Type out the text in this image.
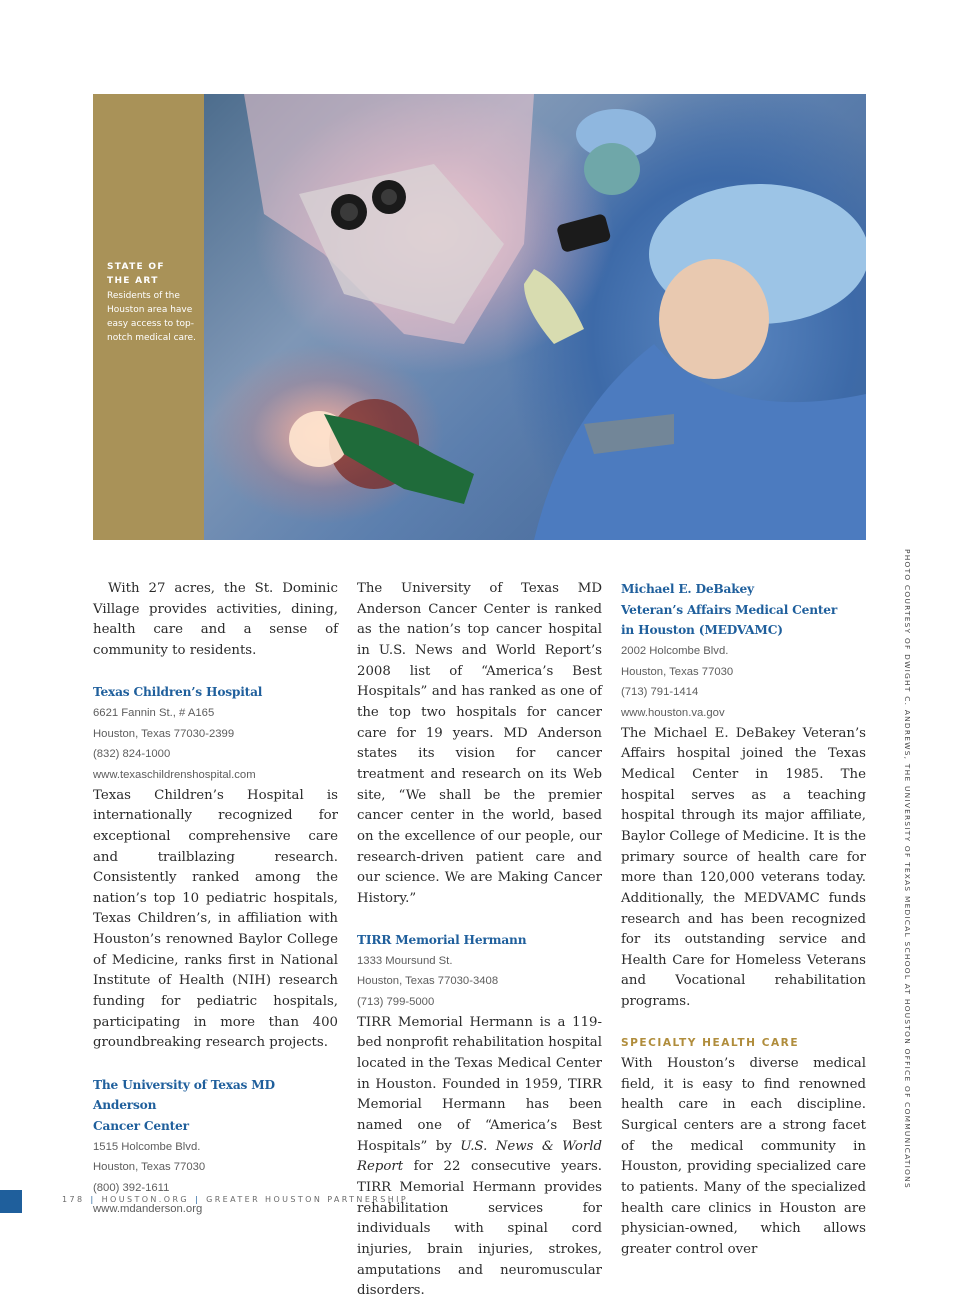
STATE OF
THE ART
Residents of the Houston area have easy access to top-notch medical care.

With 27 acres, the St. Dominic Village provides activities, dining, health care and a sense of community to residents.

Texas Children’s Hospital
6621 Fannin St., # A165
Houston, Texas 77030-2399
(832) 824-1000
www.texaschildrenshospital.com

Texas Children’s Hospital is internationally recognized for exceptional comprehensive care and trailblazing research. Consistently ranked among the nation’s top 10 pediatric hospitals, Texas Children’s, in affiliation with Houston’s renowned Baylor College of Medicine, ranks first in National Institute of Health (NIH) research funding for pediatric hospitals, participating in more than 400 groundbreaking research projects.

The University of Texas MD Anderson
Cancer Center
1515 Holcombe Blvd.
Houston, Texas 77030
(800) 392-1611
www.mdanderson.org

The University of Texas MD Anderson Cancer Center is ranked as the nation’s top cancer hospital in U.S. News and World Report’s 2008 list of “America’s Best Hospitals” and has ranked as one of the top two hospitals for cancer care for 19 years. MD Anderson states its vision for cancer treatment and research on its Web site, “We shall be the premier cancer center in the world, based on the excellence of our people, our research-driven patient care and our science. We are Making Cancer History.”

TIRR Memorial Hermann
1333 Moursund St.
Houston, Texas 77030-3408
(713) 799-5000

TIRR Memorial Hermann is a 119-bed nonprofit rehabilitation hospital located in the Texas Medical Center in Houston. Founded in 1959, TIRR Memorial Hermann has been named one of “America’s Best Hospitals” by U.S. News & World Report for 22 consecutive years. TIRR Memorial Hermann provides rehabilitation services for individuals with spinal cord injuries, brain injuries, strokes, amputations and neuromuscular disorders.

Michael E. DeBakey
Veteran’s Affairs Medical Center
in Houston (MEDVAMC)
2002 Holcombe Blvd.
Houston, Texas 77030
(713) 791-1414
www.houston.va.gov

The Michael E. DeBakey Veteran’s Affairs hospital joined the Texas Medical Center in 1985. The hospital serves as a teaching hospital through its major affiliate, Baylor College of Medicine. It is the primary source of health care for more than 120,000 veterans today. Additionally, the MEDVAMC funds research and has been recognized for its outstanding service and Health Care for Homeless Veterans and Vocational rehabilitation programs.

SPECIALTY HEALTH CARE

With Houston’s diverse medical field, it is easy to find renowned health care in each discipline. Surgical centers are a strong facet of the medical community in Houston, providing specialized care to patients. Many of the specialized health care clinics in Houston are physician-owned, which allows greater control over

PHOTO COURTESY OF DWIGHT C. ANDREWS, THE UNIVERSITY OF TEXAS MEDICAL SCHOOL AT HOUSTON OFFICE OF COMMUNICATIONS
178 | HOUSTON.ORG | GREATER HOUSTON PARTNERSHIP
